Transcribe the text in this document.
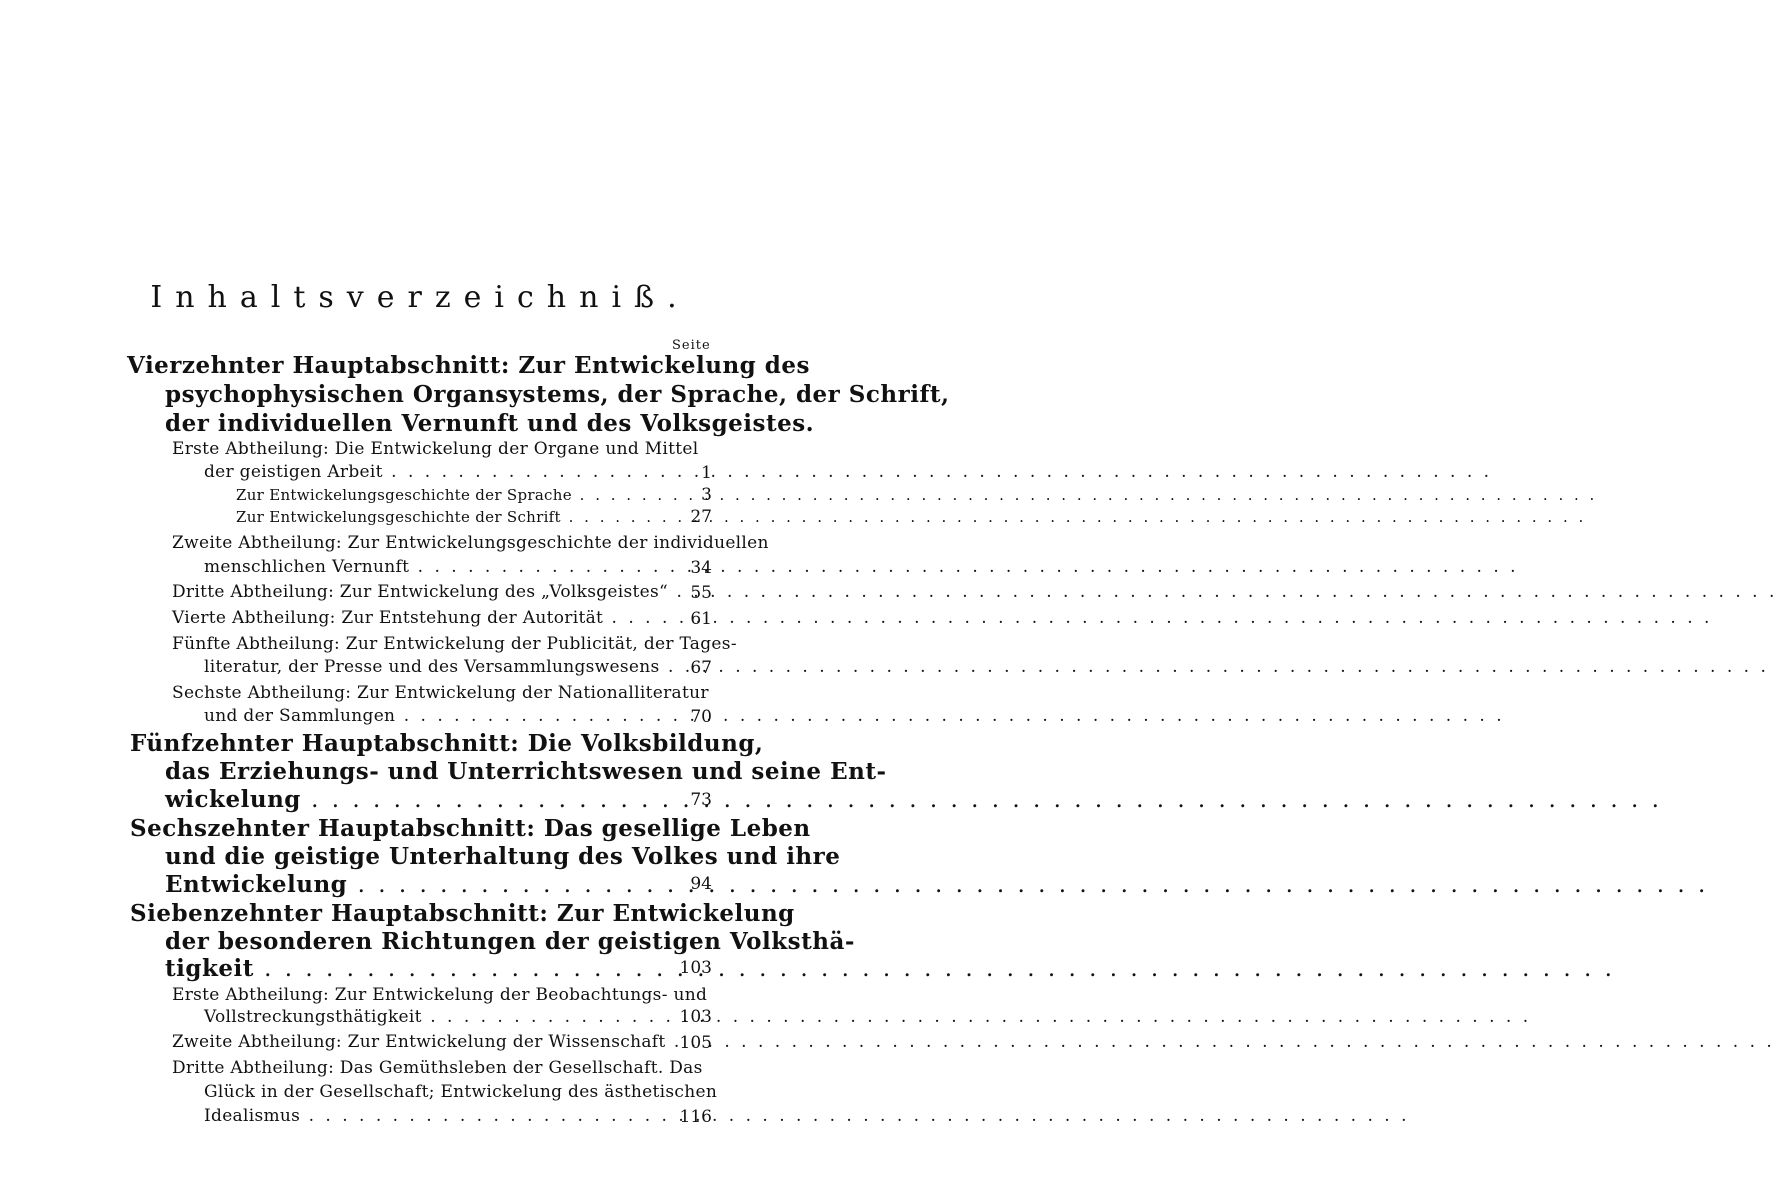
Inhaltsverzeichniß.
Seite
Vierzehnter Hauptabschnitt: Zur Entwickelung des
psychophysischen Organsystems, der Sprache, der Schrift,
der individuellen Vernunft und des Volksgeistes.
Erste Abtheilung: Die Entwickelung der Organe und Mittel
der geistigen Arbeit . . .	1
Zur Entwickelungsgeschichte der Sprache . . .	3
Zur Entwickelungsgeschichte der Schrift . . .	27
Zweite Abtheilung: Zur Entwickelungsgeschichte der individuellen
menschlichen Vernunft . . .	34
Dritte Abtheilung: Zur Entwickelung des „Volksgeistes“ . . .	55
Vierte Abtheilung: Zur Entstehung der Autorität . . .	61
Fünfte Abtheilung: Zur Entwickelung der Publicität, der Tages-
literatur, der Presse und des Versammlungswesens . . .	67
Sechste Abtheilung: Zur Entwickelung der Nationalliteratur
und der Sammlungen . . .	70
Fünfzehnter Hauptabschnitt: Die Volksbildung,
das Erziehungs- und Unterrichtswesen und seine Ent-
wickelung . . .	73
Sechszehnter Hauptabschnitt: Das gesellige Leben
und die geistige Unterhaltung des Volkes und ihre
Entwickelung . . .	94
Siebenzehnter Hauptabschnitt: Zur Entwickelung
der besonderen Richtungen der geistigen Volksthä-
tigkeit . . .	103
Erste Abtheilung: Zur Entwickelung der Beobachtungs- und
Vollstreckungsthätigkeit . . .	103
Zweite Abtheilung: Zur Entwickelung der Wissenschaft . . . 105
Dritte Abtheilung: Das Gemüthsleben der Gesellschaft. Das
Glück in der Gesellschaft; Entwickelung des ästhetischen
Idealismus . . .	116
